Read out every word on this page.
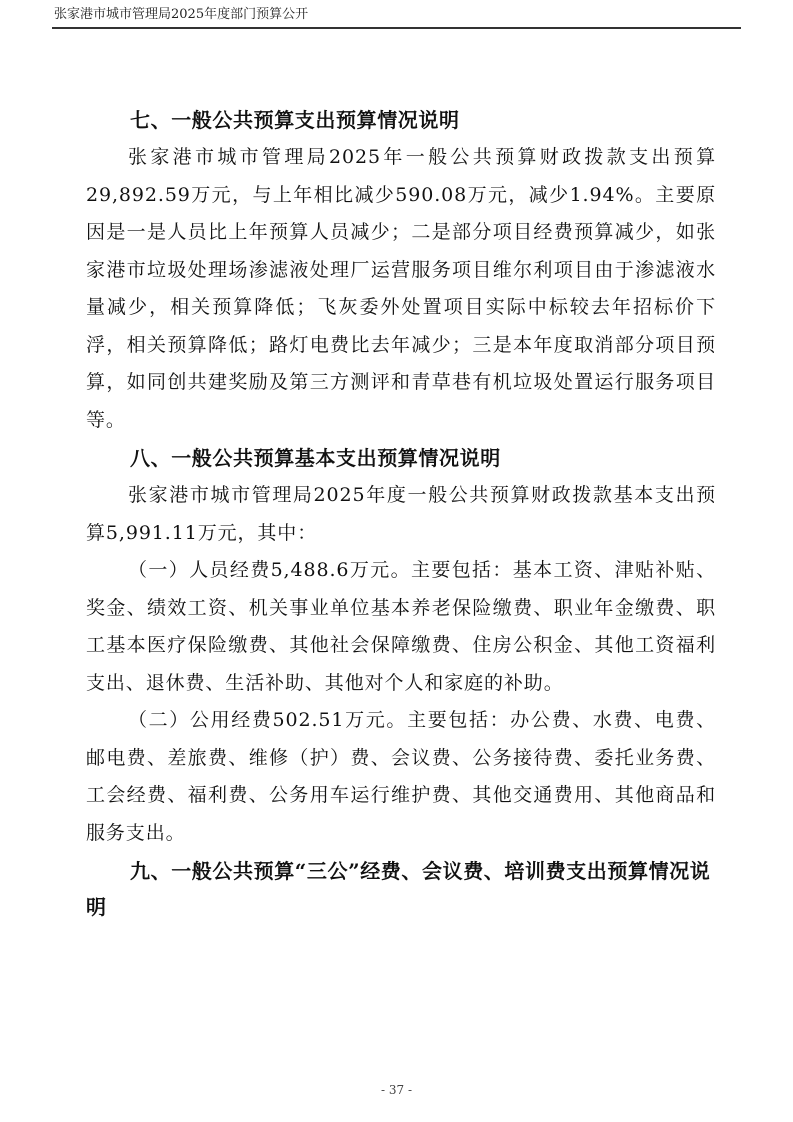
张家港市城市管理局2025年度部门预算公开
七、一般公共预算支出预算情况说明

张家港市城市管理局2025年一般公共预算财政拨款支出预算29,892.59万元，与上年相比减少590.08万元，减少1.94%。主要原因是一是人员比上年预算人员减少；二是部分项目经费预算减少，如张家港市垃圾处理场渗滤液处理厂运营服务项目维尔利项目由于渗滤液水量减少，相关预算降低；飞灰委外处置项目实际中标较去年招标价下浮，相关预算降低；路灯电费比去年减少；三是本年度取消部分项目预算，如同创共建奖励及第三方测评和青草巷有机垃圾处置运行服务项目等。

八、一般公共预算基本支出预算情况说明

张家港市城市管理局2025年度一般公共预算财政拨款基本支出预算5,991.11万元，其中：

（一）人员经费5,488.6万元。主要包括：基本工资、津贴补贴、奖金、绩效工资、机关事业单位基本养老保险缴费、职业年金缴费、职工基本医疗保险缴费、其他社会保障缴费、住房公积金、其他工资福利支出、退休费、生活补助、其他对个人和家庭的补助。

（二）公用经费502.51万元。主要包括：办公费、水费、电费、邮电费、差旅费、维修（护）费、会议费、公务接待费、委托业务费、工会经费、福利费、公务用车运行维护费、其他交通费用、其他商品和服务支出。

九、一般公共预算“三公”经费、会议费、培训费支出预算情况说明
- 37 -
